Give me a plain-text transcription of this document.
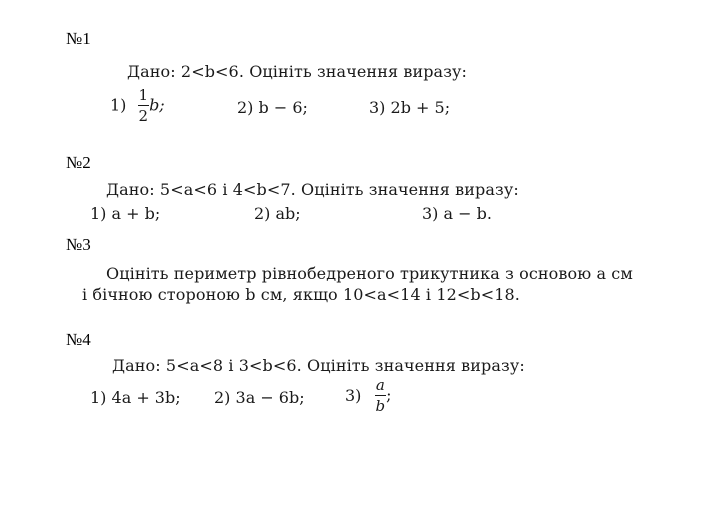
№1
Дано: 2<b<6. Оцініть значення виразу:
$1) \frac{1}{2} b$;	2) b − 6;	3) 2b + 5;
№2
Дано: 5<a<6 і 4<b<7. Оцініть значення виразу:
1) a + b;	2) ab;	3) a − b.
№3
Оцініть периметр рівнобедреного трикутника з основою a см
і бічною стороною b см, якщо 10<a<14 і 12<b<18.
№4
Дано: 5<a<8 і 3<b<6. Оцініть значення виразу:
1) 4a + 3b; 2) 3a − 6b;	$3) \frac{a}{b}$ ;
